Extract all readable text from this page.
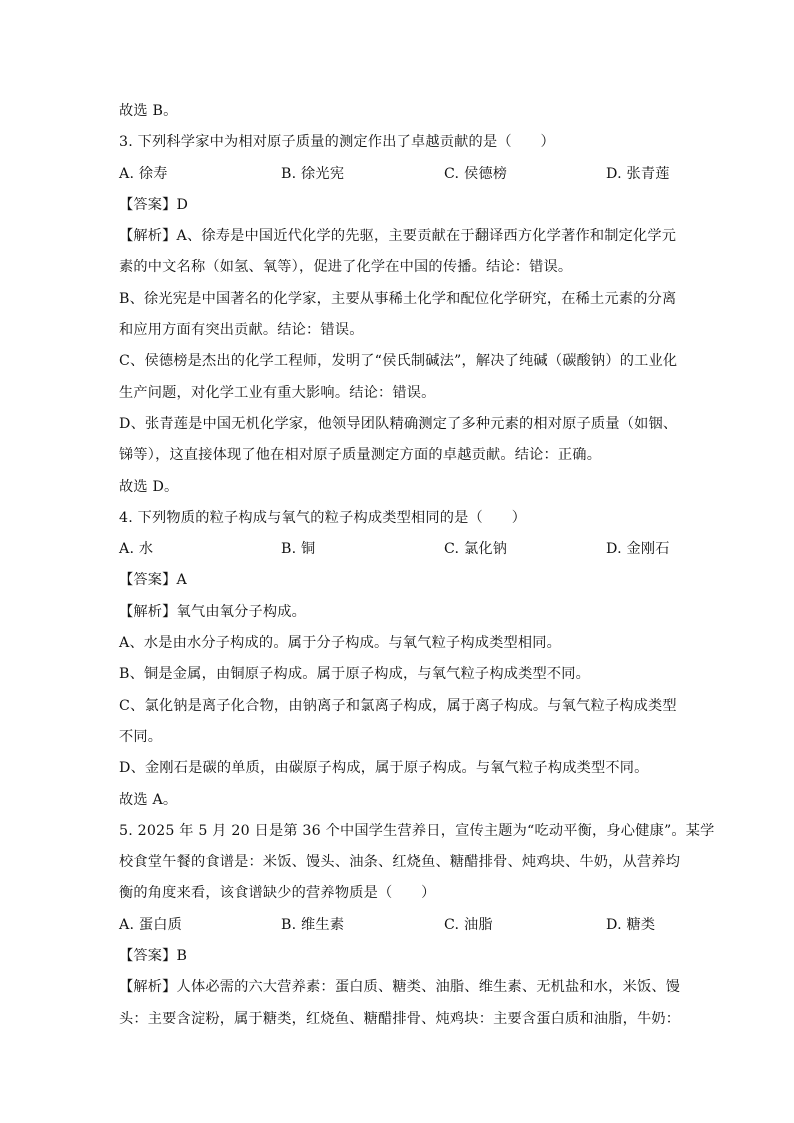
故选 B。
3. 下列科学家中为相对原子质量的测定作出了卓越贡献的是（　　）
A. 徐寿	B. 徐光宪	C. 侯德榜	D. 张青莲
【答案】D
【解析】A、徐寿是中国近代化学的先驱，主要贡献在于翻译西方化学著作和制定化学元
素的中文名称（如氢、氧等），促进了化学在中国的传播。结论：错误。
B、徐光宪是中国著名的化学家，主要从事稀土化学和配位化学研究，在稀土元素的分离
和应用方面有突出贡献。结论：错误。
C、侯德榜是杰出的化学工程师，发明了“侯氏制碱法”，解决了纯碱（碳酸钠）的工业化
生产问题，对化学工业有重大影响。结论：错误。
D、张青莲是中国无机化学家，他领导团队精确测定了多种元素的相对原子质量（如铟、
锑等），这直接体现了他在相对原子质量测定方面的卓越贡献。结论：正确。
故选 D。
4. 下列物质的粒子构成与氧气的粒子构成类型相同的是（　　）
A. 水	B. 铜	C. 氯化钠	D. 金刚石
【答案】A
【解析】氧气由氧分子构成。
A、水是由水分子构成的。属于分子构成。与氧气粒子构成类型相同。
B、铜是金属，由铜原子构成。属于原子构成，与氧气粒子构成类型不同。
C、氯化钠是离子化合物，由钠离子和氯离子构成，属于离子构成。与氧气粒子构成类型
不同。
D、金刚石是碳的单质，由碳原子构成，属于原子构成。与氧气粒子构成类型不同。
故选 A。
5. 2025 年 5 月 20 日是第 36 个中国学生营养日，宣传主题为“吃动平衡，身心健康”。某学
校食堂午餐的食谱是：米饭、馒头、油条、红烧鱼、糖醋排骨、炖鸡块、牛奶，从营养均
衡的角度来看，该食谱缺少的营养物质是（　　）
A. 蛋白质	B. 维生素	C. 油脂	D. 糖类
【答案】B
【解析】人体必需的六大营养素：蛋白质、糖类、油脂、维生素、无机盐和水，米饭、馒
头：主要含淀粉，属于糖类，红烧鱼、糖醋排骨、炖鸡块：主要含蛋白质和油脂，牛奶：
